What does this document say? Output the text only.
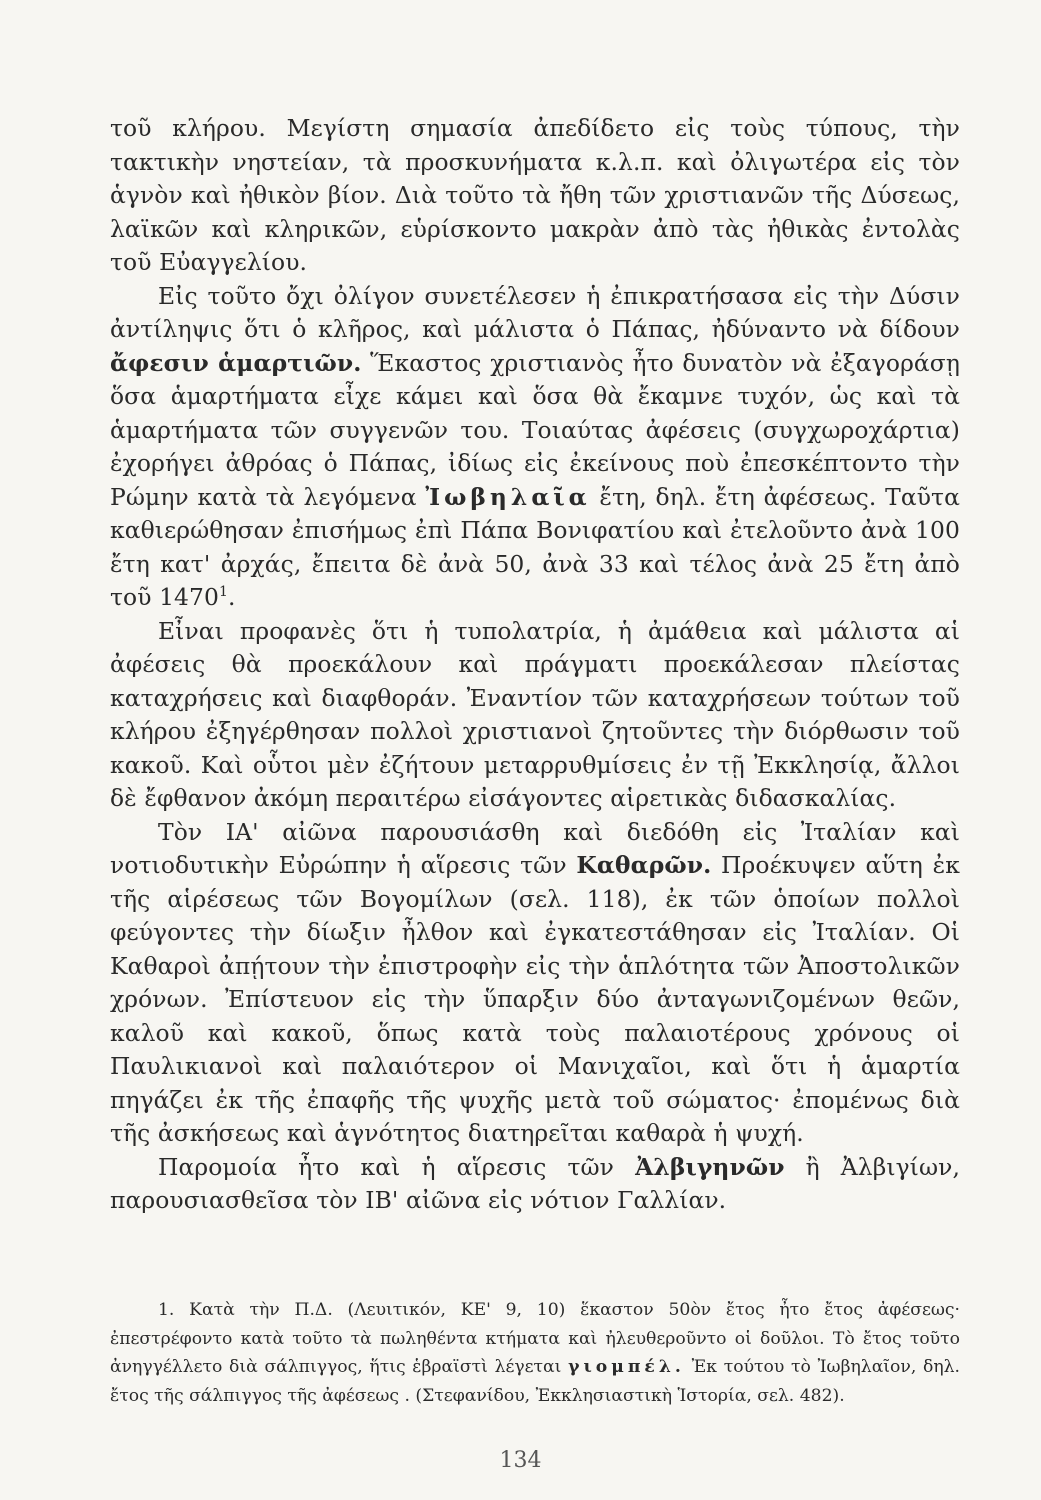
τοῦ κλήρου. Μεγίστη σημασία ἀπεδίδετο εἰς τοὺς τύπους, τὴν τακτικὴν νηστείαν, τὰ προσκυνήματα κ.λ.π. καὶ ὀλιγωτέρα εἰς τὸν ἁγνὸν καὶ ἠθικὸν βίον. Διὰ τοῦτο τὰ ἤθη τῶν χριστιανῶν τῆς Δύσεως, λαϊκῶν καὶ κληρικῶν, εὑρίσκοντο μακρὰν ἀπὸ τὰς ἠθικὰς ἐντολὰς τοῦ Εὐαγγελίου.

Εἰς τοῦτο ὄχι ὀλίγον συνετέλεσεν ἡ ἐπικρατήσασα εἰς τὴν Δύσιν ἀντίληψις ὅτι ὁ κλῆρος, καὶ μάλιστα ὁ Πάπας, ἠδύναντο νὰ δίδουν ἄφεσιν ἁμαρτιῶν. Ἕκαστος χριστιανὸς ἦτο δυνατὸν νὰ ἐξαγοράσῃ ὅσα ἁμαρτήματα εἶχε κάμει καὶ ὅσα θὰ ἔκαμνε τυχόν, ὡς καὶ τὰ ἁμαρτήματα τῶν συγγενῶν του. Τοιαύτας ἀφέσεις (συγχωροχάρτια) ἐχορήγει ἀθρόας ὁ Πάπας, ἰδίως εἰς ἐκείνους ποὺ ἐπεσκέπτοντο τὴν Ρώμην κατὰ τὰ λεγόμενα Ἰωβηλαῖα ἔτη, δηλ. ἔτη ἀφέσεως. Ταῦτα καθιερώθησαν ἐπισήμως ἐπὶ Πάπα Βονιφατίου καὶ ἐτελοῦντο ἀνὰ 100 ἔτη κατ' ἀρχάς, ἔπειτα δὲ ἀνὰ 50, ἀνὰ 33 καὶ τέλος ἀνὰ 25 ἔτη ἀπὸ τοῦ 1470$^1$.

Εἶναι προφανὲς ὅτι ἡ τυπολατρία, ἡ ἀμάθεια καὶ μάλιστα αἱ ἀφέσεις θὰ προεκάλουν καὶ πράγματι προεκάλεσαν πλείστας καταχρήσεις καὶ διαφθοράν. Ἐναντίον τῶν καταχρήσεων τούτων τοῦ κλήρου ἐξηγέρθησαν πολλοὶ χριστιανοὶ ζητοῦντες τὴν διόρθωσιν τοῦ κακοῦ. Καὶ οὗτοι μὲν ἐζήτουν μεταρρυθμίσεις ἐν τῇ Ἐκκλησίᾳ, ἄλλοι δὲ ἔφθανον ἀκόμη περαιτέρω εἰσάγοντες αἱρετικὰς διδασκαλίας.

Τὸν ΙΑ' αἰῶνα παρουσιάσθη καὶ διεδόθη εἰς Ἰταλίαν καὶ νοτιοδυτικὴν Εὐρώπην ἡ αἵρεσις τῶν Καθαρῶν. Προέκυψεν αὕτη ἐκ τῆς αἱρέσεως τῶν Βογομίλων (σελ. 118), ἐκ τῶν ὁποίων πολλοὶ φεύγοντες τὴν δίωξιν ἦλθον καὶ ἐγκατεστάθησαν εἰς Ἰταλίαν. Οἱ Καθαροὶ ἀπῄτουν τὴν ἐπιστροφὴν εἰς τὴν ἁπλότητα τῶν Ἀποστολικῶν χρόνων. Ἐπίστευον εἰς τὴν ὕπαρξιν δύο ἀνταγωνιζομένων θεῶν, καλοῦ καὶ κακοῦ, ὅπως κατὰ τοὺς παλαιοτέρους χρόνους οἱ Παυλικιανοὶ καὶ παλαιότερον οἱ Μανιχαῖοι, καὶ ὅτι ἡ ἁμαρτία πηγάζει ἐκ τῆς ἐπαφῆς τῆς ψυχῆς μετὰ τοῦ σώματος· ἐπομένως διὰ τῆς ἀσκήσεως καὶ ἁγνότητος διατηρεῖται καθαρὰ ἡ ψυχή.

Παρομοία ἦτο καὶ ἡ αἵρεσις τῶν Ἀλβιγηνῶν ἢ Ἀλβιγίων, παρουσιασθεῖσα τὸν ΙΒ' αἰῶνα εἰς νότιον Γαλλίαν.

1. Κατὰ τὴν Π.Δ. (Λευιτικόν, ΚΕ' 9, 10) ἕκαστον 50ὸν ἔτος ἦτο ἔτος ἀφέσεως· ἐπεστρέφοντο κατὰ τοῦτο τὰ πωληθέντα κτήματα καὶ ἠλευθεροῦντο οἱ δοῦλοι. Τὸ ἔτος τοῦτο ἀνηγγέλλετο διὰ σάλπιγγος, ἥτις ἑβραϊστὶ λέγεται γιομπέλ. Ἐκ τούτου τὸ Ἰωβηλαῖον, δηλ. ἔτος τῆς σάλπιγγος τῆς ἀφέσεως . (Στεφανίδου, Ἐκκλησιαστικὴ Ἱστορία, σελ. 482).

134
